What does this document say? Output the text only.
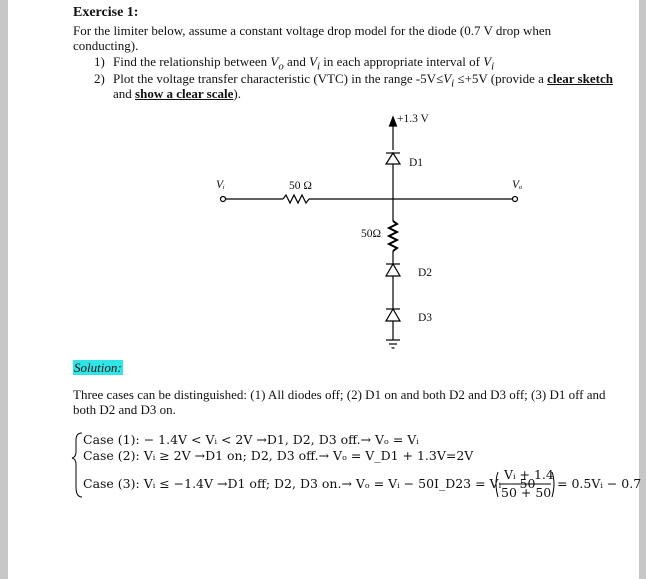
Exercise 1:
For the limiter below, assume a constant voltage drop model for the diode (0.7 V drop when
conducting).
1) Find the relationship between $V_o$ and $V_i$ in each appropriate interval of $V_i$
2) Plot the voltage transfer characteristic (VTC) in the range $-5V\le V_i \le+5V$ (provide a clear sketch
and show a clear scale).
+1.3 V
D1
D2
D3
50 Ω
50Ω
Vᵢ	Vₒ
Solution:
Three cases can be distinguished: (1) All diodes off; (2) D1 on and both D2 and D3 off; (3) D1 off and
both D2 and D3 on.
Case (1): − 1.4V < Vᵢ < 2V →D1, D2, D3 off.→ Vₒ = Vᵢ
Case (2): Vᵢ ≥ 2V →D1 on; D2, D3 off.→ Vₒ = V_D1 + 1.3V=2V
Case (3): Vᵢ ≤ −1.4V →D1 off; D2, D3 on.→ Vₒ = Vᵢ − 50I_D23 = Vᵢ − 50
Vᵢ + 1.4
50 + 50
= 0.5Vᵢ − 0.7
